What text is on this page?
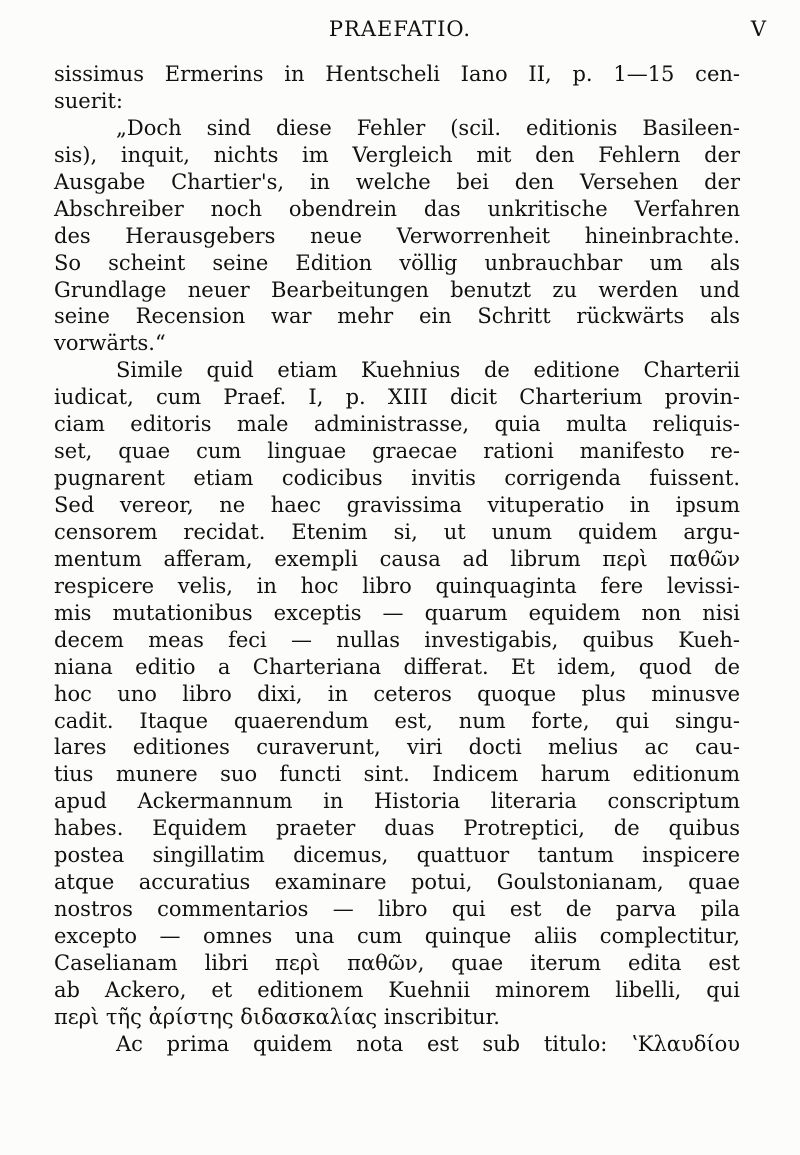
PRAEFATIO.	V
sissimus Ermerins in Hentscheli Iano II, p. 1—15 cen-
suerit:
„Doch sind diese Fehler (scil. editionis Basileen-
sis), inquit, nichts im Vergleich mit den Fehlern der
Ausgabe Chartier's, in welche bei den Versehen der
Abschreiber noch obendrein das unkritische Verfahren
des Herausgebers neue Verworrenheit hineinbrachte.
So scheint seine Edition völlig unbrauchbar um als
Grundlage neuer Bearbeitungen benutzt zu werden und
seine Recension war mehr ein Schritt rückwärts als
vorwärts.“
Simile quid etiam Kuehnius de editione Charterii
iudicat, cum Praef. I, p. XIII dicit Charterium provin-
ciam editoris male administrasse, quia multa reliquis-
set, quae cum linguae graecae rationi manifesto re-
pugnarent etiam codicibus invitis corrigenda fuissent.
Sed vereor, ne haec gravissima vituperatio in ipsum
censorem recidat. Etenim si, ut unum quidem argu-
mentum afferam, exempli causa ad librum περὶ παθῶν
respicere velis, in hoc libro quinquaginta fere levissi-
mis mutationibus exceptis — quarum equidem non nisi
decem meas feci — nullas investigabis, quibus Kueh-
niana editio a Charteriana differat. Et idem, quod de
hoc uno libro dixi, in ceteros quoque plus minusve
cadit. Itaque quaerendum est, num forte, qui singu-
lares editiones curaverunt, viri docti melius ac cau-
tius munere suo functi sint. Indicem harum editionum
apud Ackermannum in Historia literaria conscriptum
habes. Equidem praeter duas Protreptici, de quibus
postea singillatim dicemus, quattuor tantum inspicere
atque accuratius examinare potui, Goulstonianam, quae
nostros commentarios — libro qui est de parva pila
excepto — omnes una cum quinque aliis complectitur,
Caselianam libri περὶ παθῶν, quae iterum edita est
ab Ackero, et editionem Kuehnii minorem libelli, qui
περὶ τῆς ἀρίστης διδασκαλίας inscribitur.
Ac prima quidem nota est sub titulo: ʽΚλαυδίου
